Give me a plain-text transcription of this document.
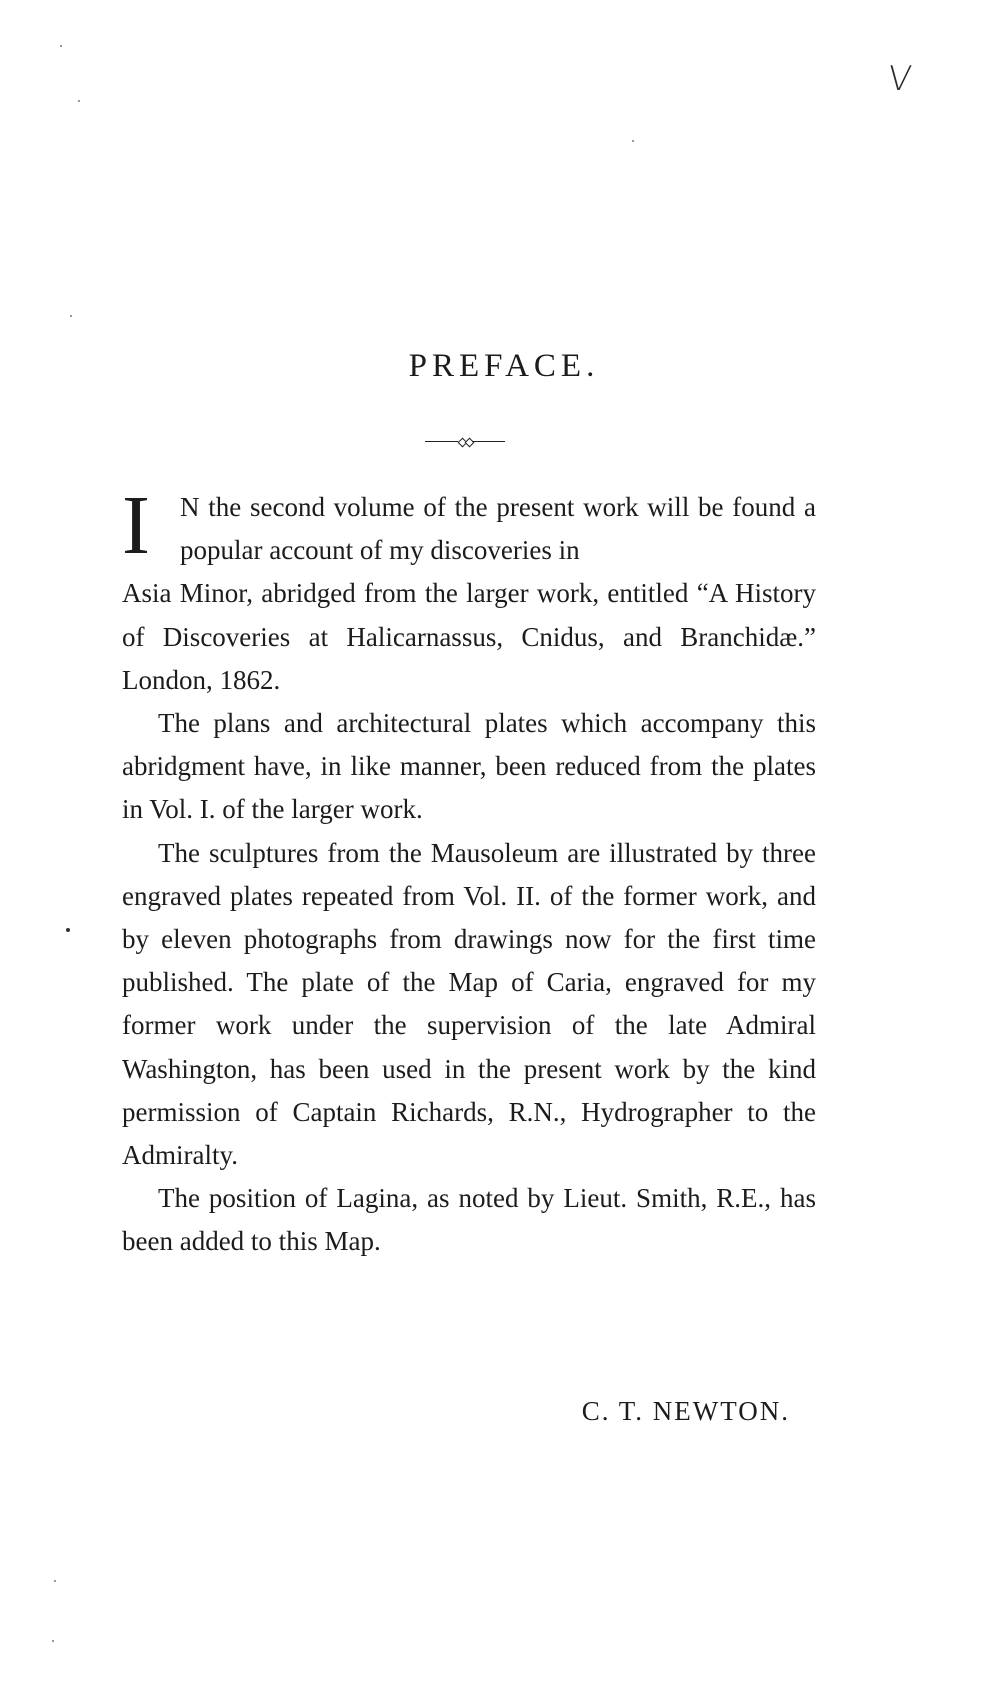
V
PREFACE.

I N the second volume of the present work will be found a popular account of my discoveries in
Asia Minor, abridged from the larger work, entitled “A History of Discoveries at Halicarnassus, Cnidus, and Branchidæ.” London, 1862.

The plans and architectural plates which accompany this abridgment have, in like manner, been reduced from the plates in Vol. I. of the larger work.

The sculptures from the Mausoleum are illustrated by three engraved plates repeated from Vol. II. of the former work, and by eleven photographs from drawings now for the first time published. The plate of the Map of Caria, engraved for my former work under the supervision of the late Admiral Washington, has been used in the present work by the kind permission of Captain Richards, R.N., Hydrographer to the Admiralty.

The position of Lagina, as noted by Lieut. Smith, R.E., has been added to this Map.

C. T. NEWTON.
